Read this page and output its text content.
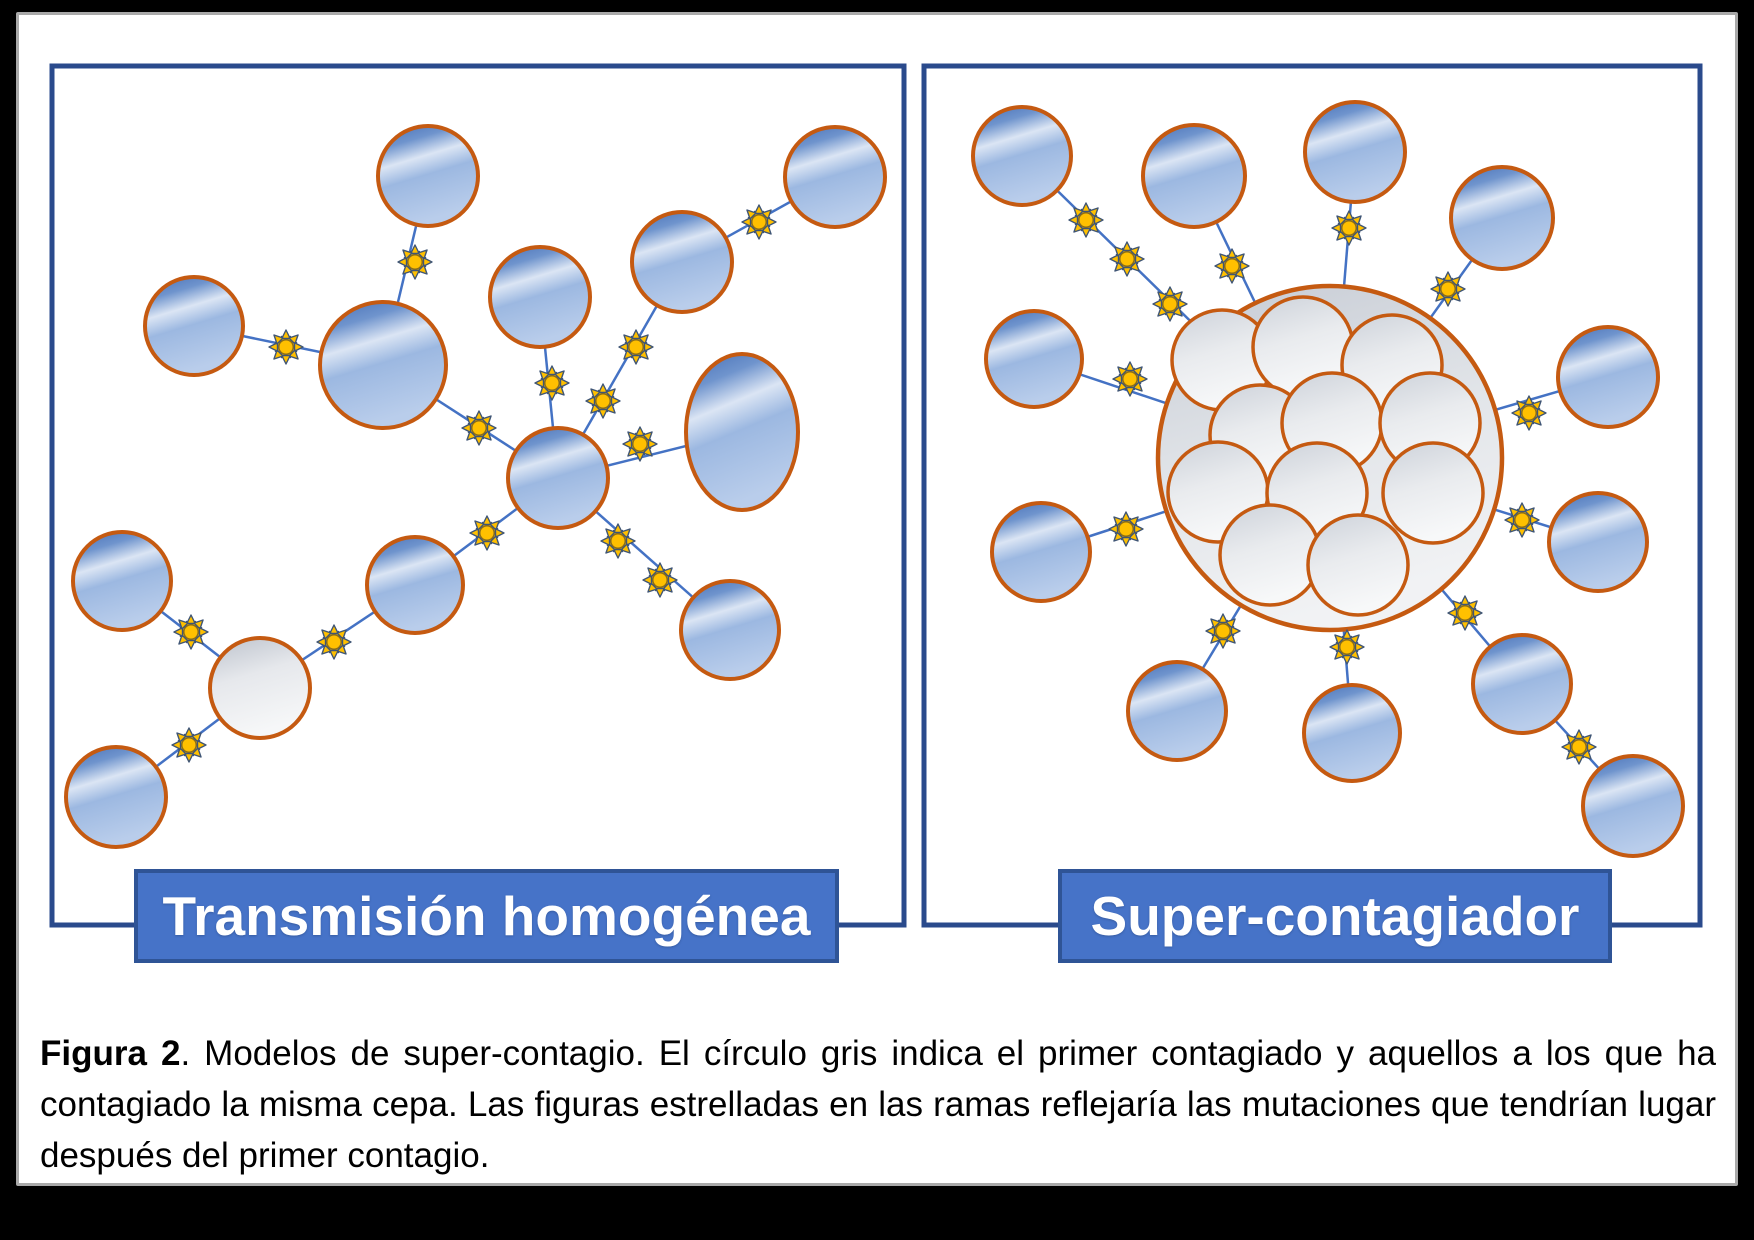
Transmisión homogénea	Super-contagiador
Figura 2. Modelos de super-contagio. El círculo gris indica el primer contagiado y aquellos a los que ha contagiado la misma cepa. Las figuras estrelladas en las ramas reflejaría las mutaciones que tendrían lugar después del primer contagio.
